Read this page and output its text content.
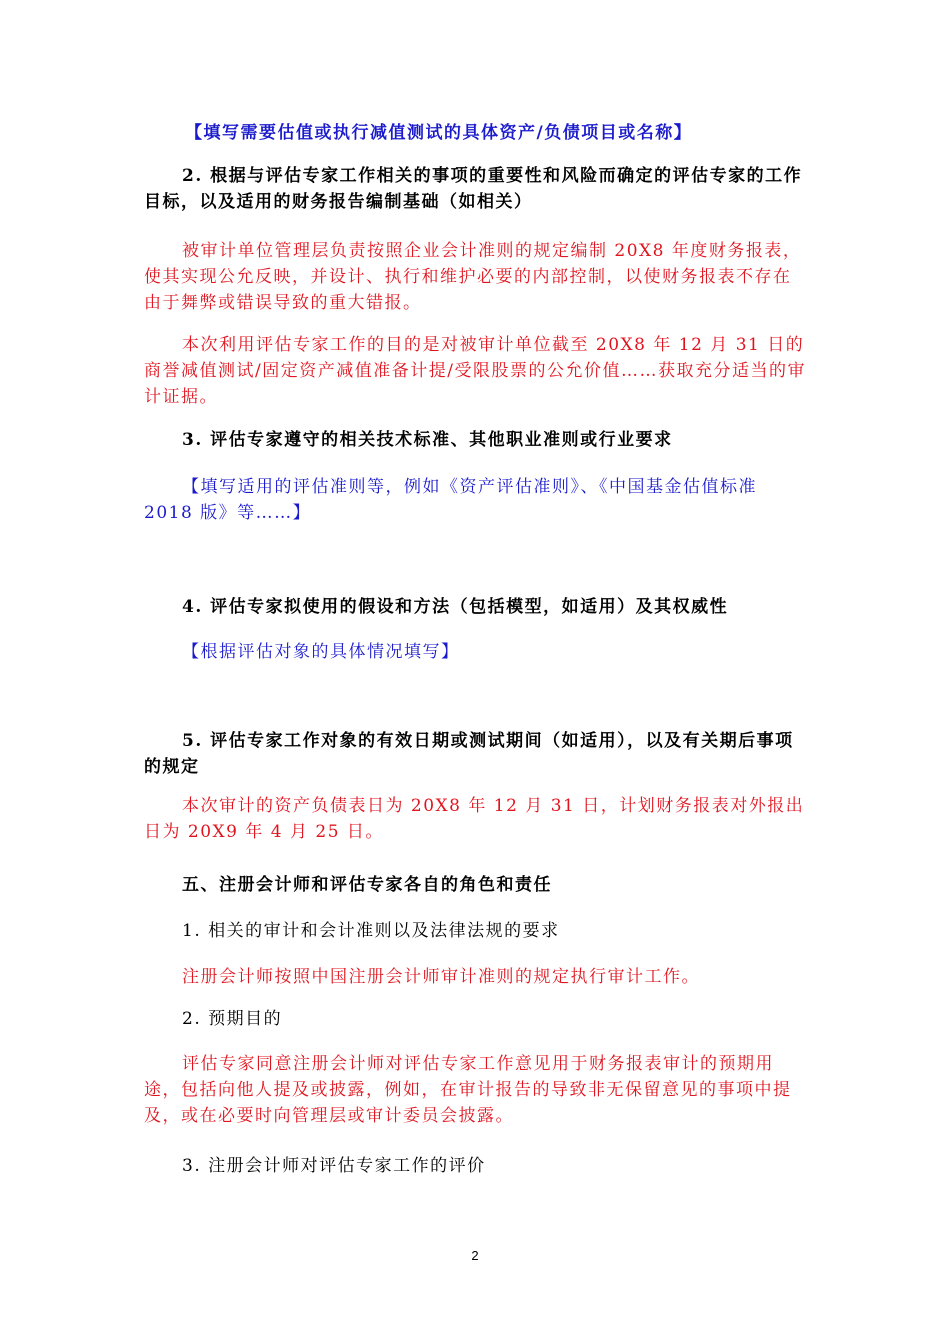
【填写需要估值或执行减值测试的具体资产/负债项目或名称】

2. 根据与评估专家工作相关的事项的重要性和风险而确定的评估专家的工作目标，以及适用的财务报告编制基础（如相关）

被审计单位管理层负责按照企业会计准则的规定编制 20X8 年度财务报表，使其实现公允反映，并设计、执行和维护必要的内部控制，以使财务报表不存在由于舞弊或错误导致的重大错报。

本次利用评估专家工作的目的是对被审计单位截至 20X8 年 12 月 31 日的商誉减值测试/固定资产减值准备计提/受限股票的公允价值……获取充分适当的审计证据。

3. 评估专家遵守的相关技术标准、其他职业准则或行业要求

【填写适用的评估准则等，例如《资产评估准则》、《中国基金估值标准 2018 版》等……】

4. 评估专家拟使用的假设和方法（包括模型，如适用）及其权威性

【根据评估对象的具体情况填写】

5. 评估专家工作对象的有效日期或测试期间（如适用），以及有关期后事项的规定

本次审计的资产负债表日为 20X8 年 12 月 31 日，计划财务报表对外报出日为 20X9 年 4 月 25 日。

五、注册会计师和评估专家各自的角色和责任

1. 相关的审计和会计准则以及法律法规的要求

注册会计师按照中国注册会计师审计准则的规定执行审计工作。

2. 预期目的

评估专家同意注册会计师对评估专家工作意见用于财务报表审计的预期用途，包括向他人提及或披露，例如，在审计报告的导致非无保留意见的事项中提及，或在必要时向管理层或审计委员会披露。

3. 注册会计师对评估专家工作的评价

2
